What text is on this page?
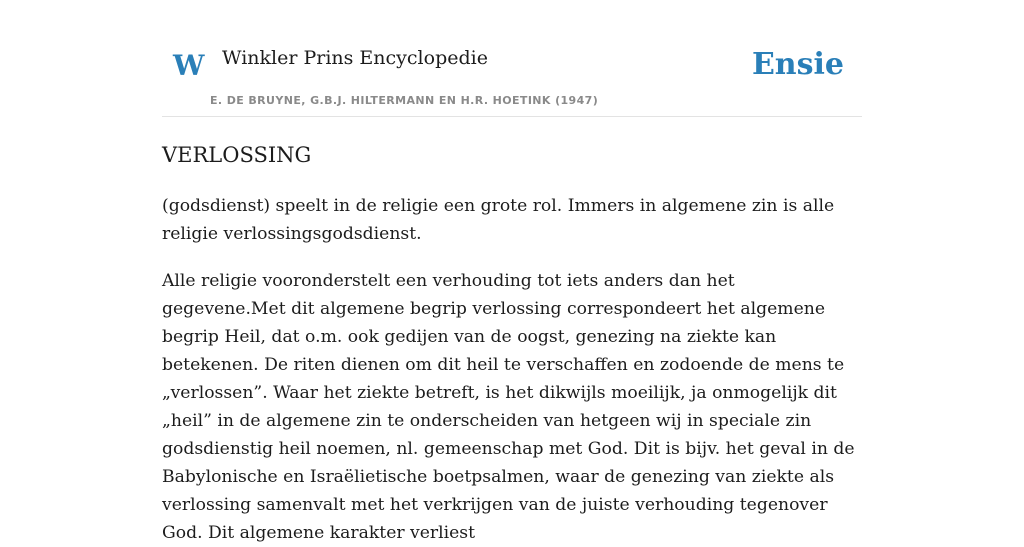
W Winkler Prins Encyclopedie
E. DE BRUYNE, G.B.J. HILTERMANN EN H.R. HOETINK (1947)
Ensie
VERLOSSING

(godsdienst) speelt in de religie een grote rol. Immers in algemene zin is alle religie verlossingsgodsdienst.

Alle religie vooronderstelt een verhouding tot iets anders dan het gegevene.Met dit algemene begrip verlossing correspondeert het algemene begrip Heil, dat o.m. ook gedijen van de oogst, genezing na ziekte kan betekenen. De riten dienen om dit heil te verschaffen en zodoende de mens te „verlossen”. Waar het ziekte betreft, is het dikwijls moeilijk, ja onmogelijk dit „heil” in de algemene zin te onderscheiden van hetgeen wij in speciale zin godsdienstig heil noemen, nl. gemeenschap met God. Dit is bijv. het geval in de Babylonische en Israëlietische boetpsalmen, waar de genezing van ziekte als verlossing samenvalt met het verkrijgen van de juiste verhouding tegenover God. Dit algemene karakter verliest
